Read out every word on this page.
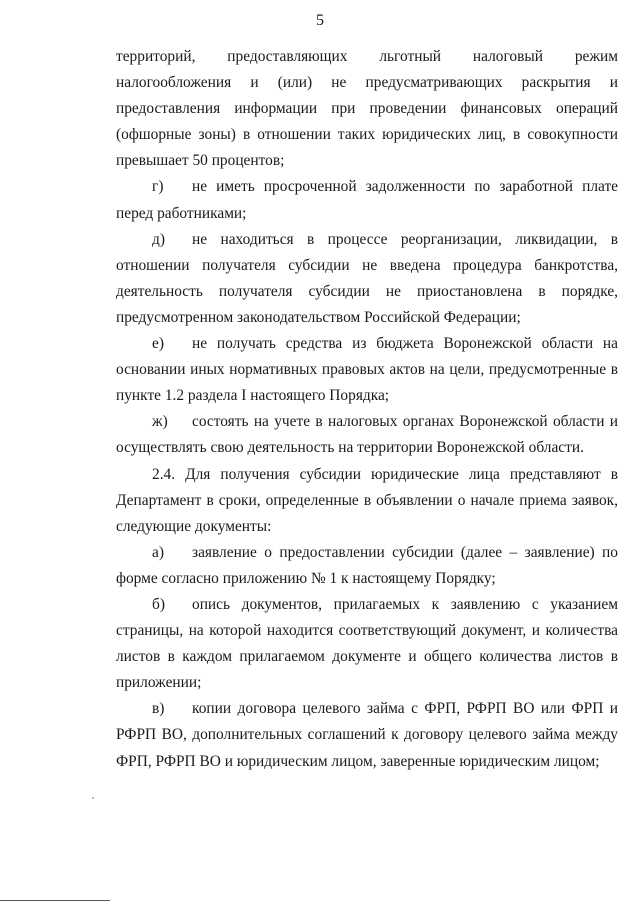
5

территорий, предоставляющих льготный налоговый режим налогообложения и (или) не предусматривающих раскрытия и предоставления информации при проведении финансовых операций (офшорные зоны) в отношении таких юридических лиц, в совокупности превышает 50 процентов;

г) не иметь просроченной задолженности по заработной плате перед работниками;

д) не находиться в процессе реорганизации, ликвидации, в отношении получателя субсидии не введена процедура банкротства, деятельность получателя субсидии не приостановлена в порядке, предусмотренном законодательством Российской Федерации;

е) не получать средства из бюджета Воронежской области на основании иных нормативных правовых актов на цели, предусмотренные в пункте 1.2 раздела I настоящего Порядка;

ж) состоять на учете в налоговых органах Воронежской области и осуществлять свою деятельность на территории Воронежской области.

2.4. Для получения субсидии юридические лица представляют в Департамент в сроки, определенные в объявлении о начале приема заявок, следующие документы:

а) заявление о предоставлении субсидии (далее – заявление) по форме согласно приложению № 1 к настоящему Порядку;

б) опись документов, прилагаемых к заявлению с указанием страницы, на которой находится соответствующий документ, и количества листов в каждом прилагаемом документе и общего количества листов в приложении;

в) копии договора целевого займа с ФРП, РФРП ВО или ФРП и РФРП ВО, дополнительных соглашений к договору целевого займа между ФРП, РФРП ВО и юридическим лицом, заверенные юридическим лицом;
